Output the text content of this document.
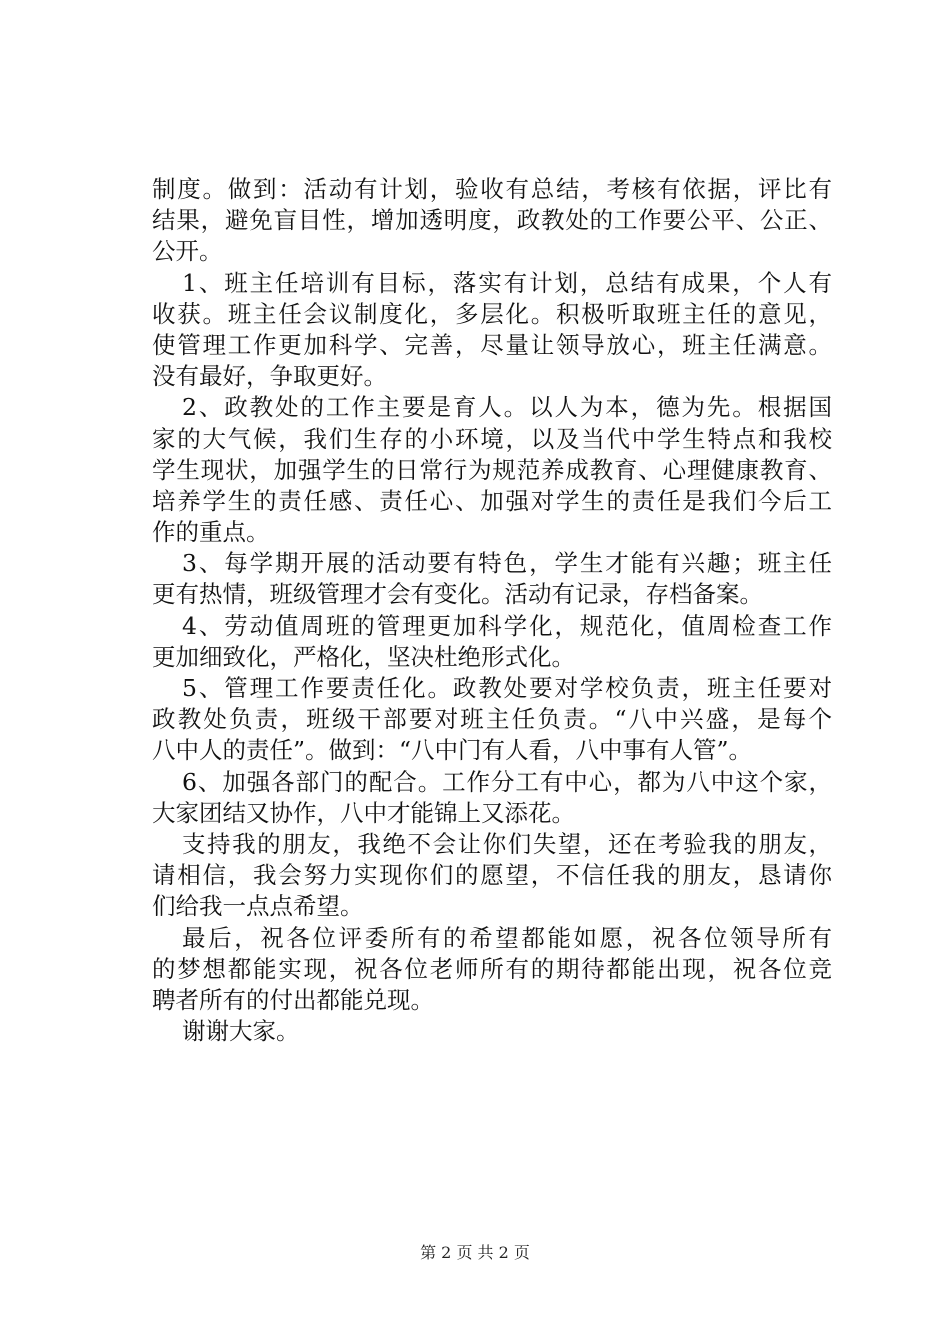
制度。做到：活动有计划，验收有总结，考核有依据，评比有
结果，避免盲目性，增加透明度，政教处的工作要公平、公正、
公开。
1、班主任培训有目标，落实有计划，总结有成果，个人有
收获。班主任会议制度化，多层化。积极听取班主任的意见，
使管理工作更加科学、完善，尽量让领导放心，班主任满意。
没有最好，争取更好。
2、政教处的工作主要是育人。以人为本，德为先。根据国
家的大气候，我们生存的小环境，以及当代中学生特点和我校
学生现状，加强学生的日常行为规范养成教育、心理健康教育、
培养学生的责任感、责任心、加强对学生的责任是我们今后工
作的重点。
3、每学期开展的活动要有特色，学生才能有兴趣；班主任
更有热情，班级管理才会有变化。活动有记录，存档备案。
4、劳动值周班的管理更加科学化，规范化，值周检查工作
更加细致化，严格化，坚决杜绝形式化。
5、管理工作要责任化。政教处要对学校负责，班主任要对
政教处负责，班级干部要对班主任负责。“八中兴盛，是每个
八中人的责任”。做到：“八中门有人看，八中事有人管”。
6、加强各部门的配合。工作分工有中心，都为八中这个家，
大家团结又协作，八中才能锦上又添花。
支持我的朋友，我绝不会让你们失望，还在考验我的朋友，
请相信，我会努力实现你们的愿望，不信任我的朋友，恳请你
们给我一点点希望。
最后，祝各位评委所有的希望都能如愿，祝各位领导所有
的梦想都能实现，祝各位老师所有的期待都能出现，祝各位竞
聘者所有的付出都能兑现。
谢谢大家。
第 2 页 共 2 页
